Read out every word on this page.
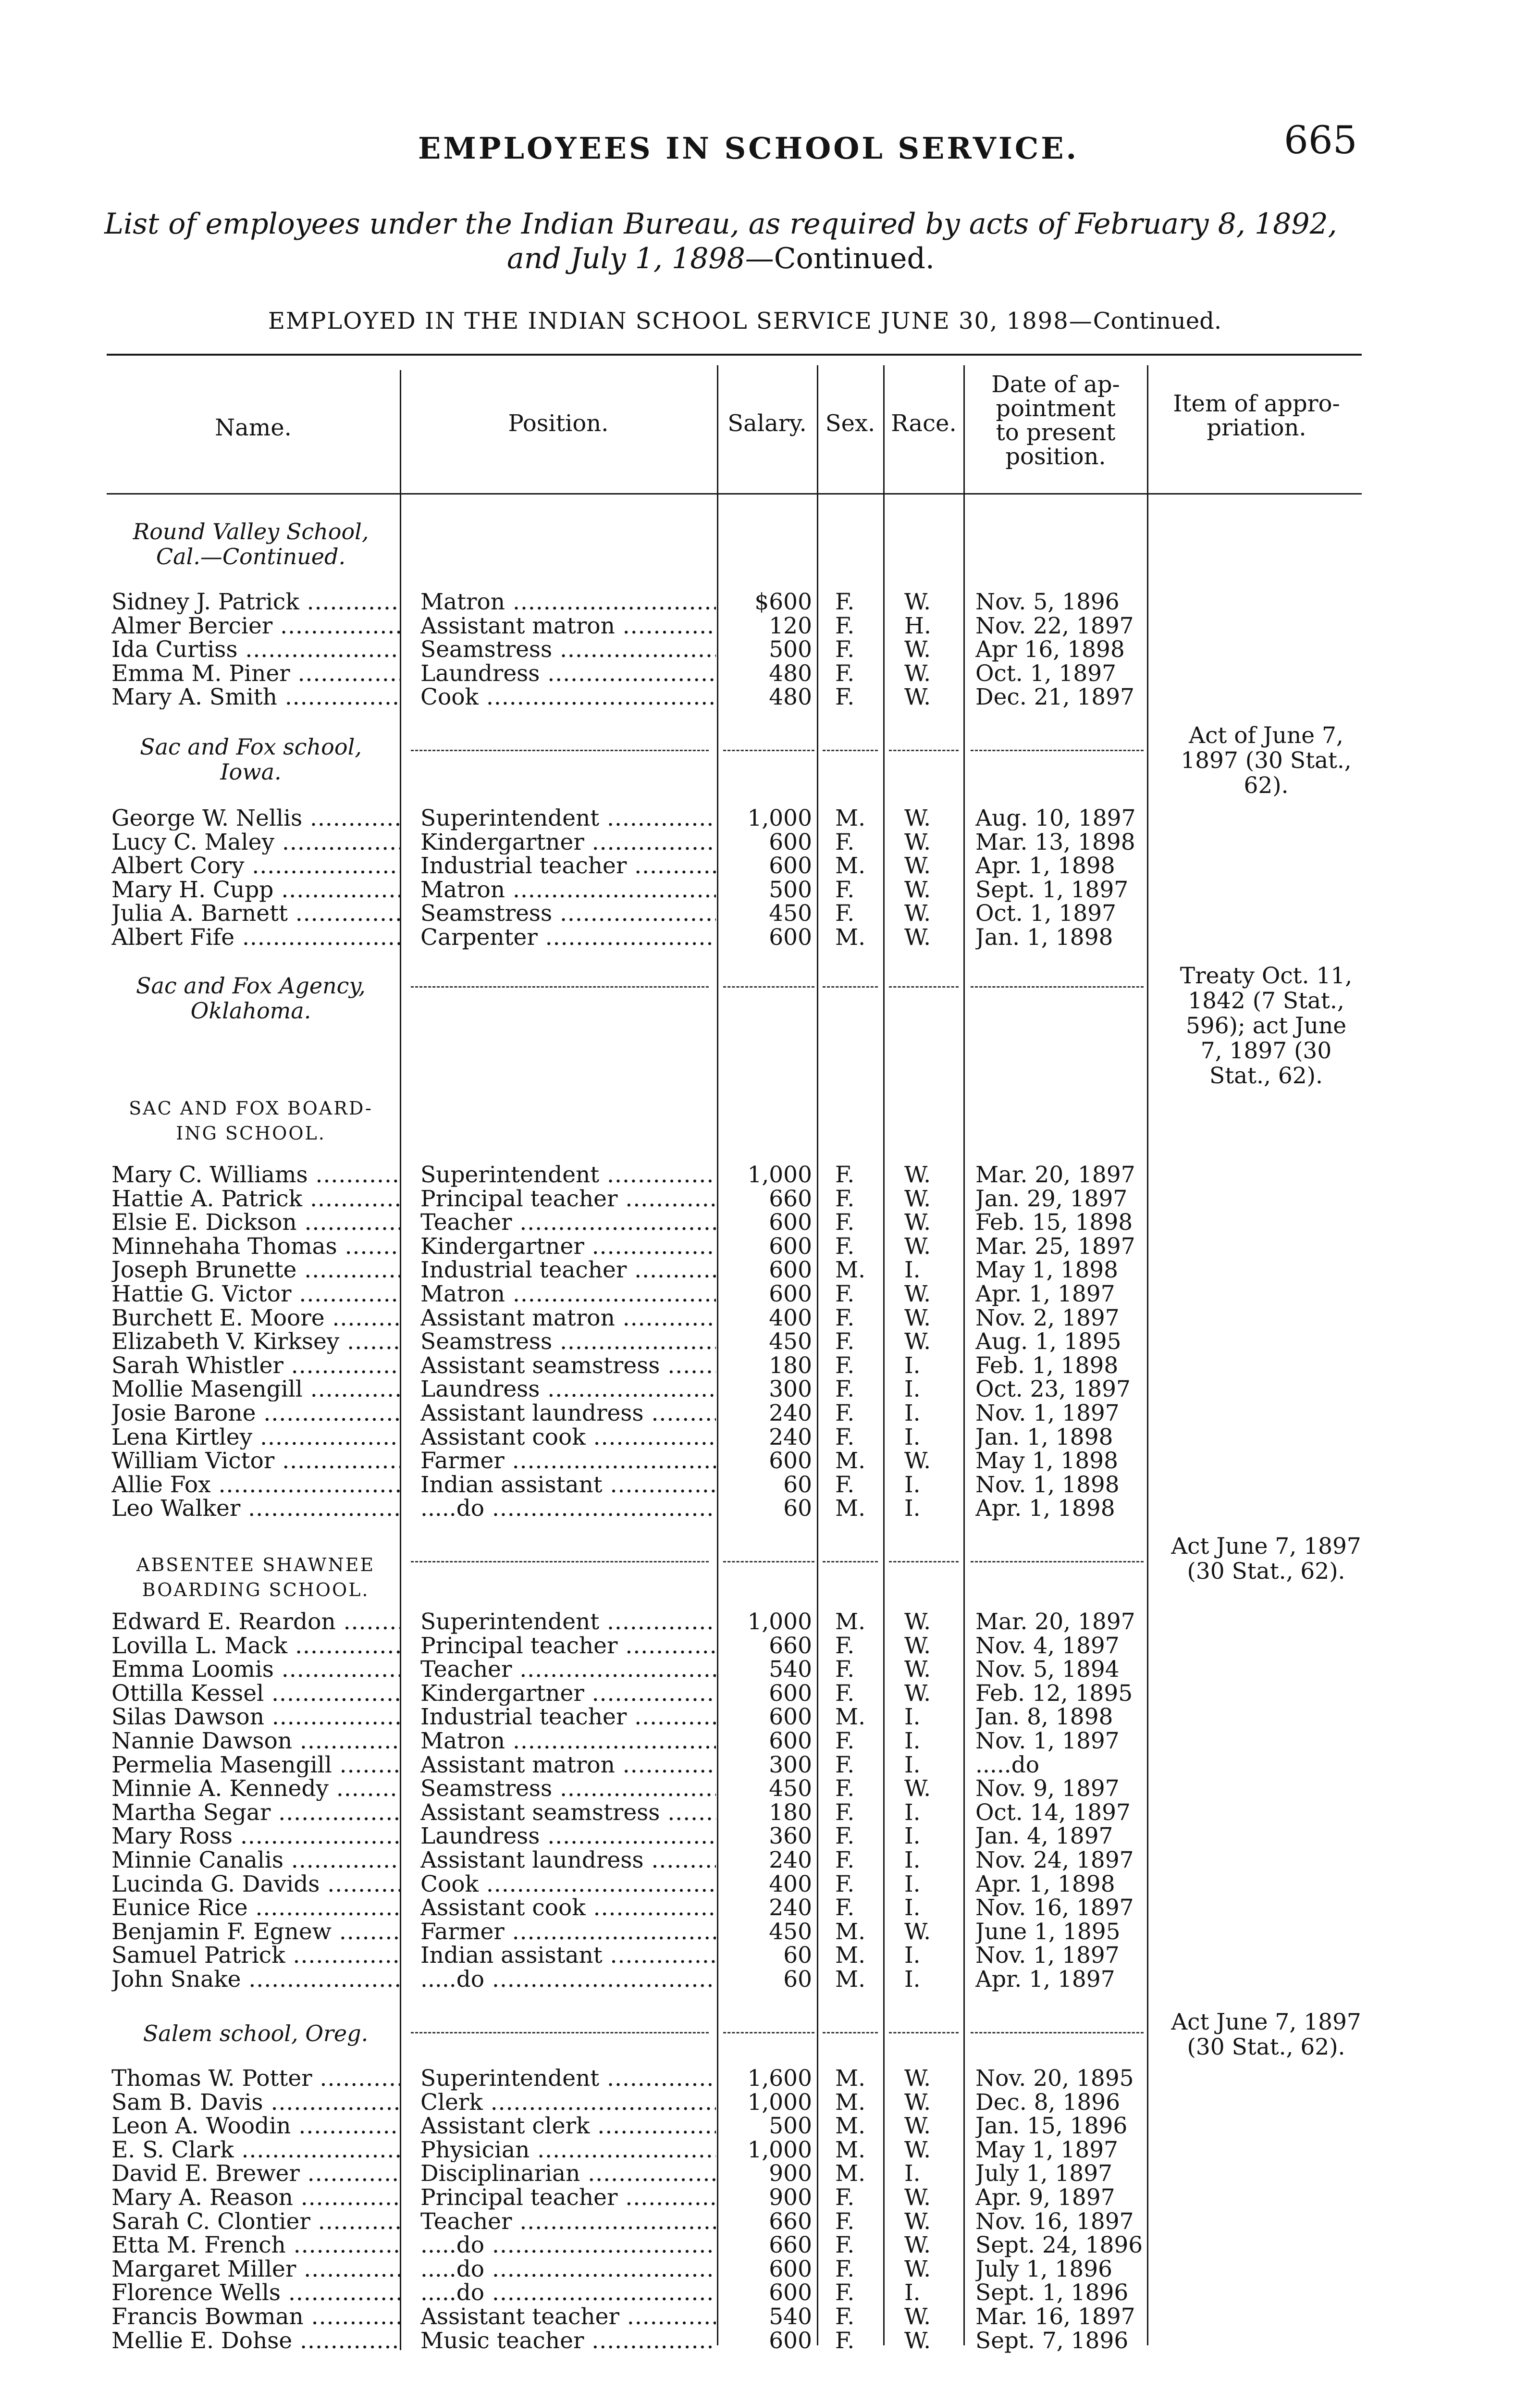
EMPLOYEES IN SCHOOL SERVICE.	665
List of employees under the Indian Bureau, as required by acts of February 8, 1892,
and July 1, 1898—Continued.
EMPLOYED IN THE INDIAN SCHOOL SERVICE JUNE 30, 1898—Continued.
Name.	Position.	Salary. Sex. Race.
Date of ap-
pointment
to present
position.
Item of appro-
priation.
Round Valley School,
Cal.—Continued.
Sidney J. Patrick .....	Matron .....	$600 F.	W.	Nov. 5, 1896
Almer Bercier .....	Assistant matron .....	120 F.	H.	Nov. 22, 1897
Ida Curtiss .....	Seamstress .....	500 F.	W.	Apr 16, 1898
Emma M. Piner .....	Laundress .....	480 F.	W.	Oct. 1, 1897
Mary A. Smith .....	Cook .....	480 F.	W.	Dec. 21, 1897
Sac and Fox school,
Iowa.
Act of June 7,
1897 (30 Stat.,
62).
George W. Nellis .....	Superintendent .....	1,000 M.	W.	Aug. 10, 1897
Lucy C. Maley .....	Kindergartner .....	600 F.	W.	Mar. 13, 1898
Albert Cory .....	Industrial teacher .....	600 M.	W.	Apr. 1, 1898
Mary H. Cupp .....	Matron .....	500 F.	W.	Sept. 1, 1897
Julia A. Barnett .....	Seamstress .....	450 F.	W.	Oct. 1, 1897
Albert Fife .....	Carpenter .....	600 M.	W.	Jan. 1, 1898
Sac and Fox Agency,
Oklahoma.
Treaty Oct. 11,
1842 (7 Stat.,
596); act June
7, 1897 (30
Stat., 62).
SAC AND FOX BOARD-
ING SCHOOL.
Mary C. Williams .....	Superintendent .....	1,000 F.	W.	Mar. 20, 1897
Hattie A. Patrick .....	Principal teacher .....	660 F.	W.	Jan. 29, 1897
Elsie E. Dickson .....	Teacher .....	600 F.	W.	Feb. 15, 1898
Minnehaha Thomas .....	Kindergartner .....	600 F.	W.	Mar. 25, 1897
Joseph Brunette .....	Industrial teacher .....	600 M.	I.	May 1, 1898
Hattie G. Victor .....	Matron .....	600 F.	W.	Apr. 1, 1897
Burchett E. Moore .....	Assistant matron .....	400 F.	W.	Nov. 2, 1897
Elizabeth V. Kirksey .....	Seamstress .....	450 F.	W.	Aug. 1, 1895
Sarah Whistler .....	Assistant seamstress .....	180 F.	I.	Feb. 1, 1898
Mollie Masengill .....	Laundress .....	300 F.	I.	Oct. 23, 1897
Josie Barone .....	Assistant laundress .....	240 F.	I.	Nov. 1, 1897
Lena Kirtley .....	Assistant cook .....	240 F.	I.	Jan. 1, 1898
William Victor .....	Farmer .....	600 M.	W.	May 1, 1898
Allie Fox .....	Indian assistant .....	60 F.	I.	Nov. 1, 1898
Leo Walker .....	.....do .....	60 M.	I.	Apr. 1, 1898
ABSENTEE SHAWNEE
BOARDING SCHOOL.
Act June 7, 1897
(30 Stat., 62).
Edward E. Reardon .....	Superintendent .....	1,000 M.	W.	Mar. 20, 1897
Lovilla L. Mack .....	Principal teacher .....	660 F.	W.	Nov. 4, 1897
Emma Loomis .....	Teacher .....	540 F.	W.	Nov. 5, 1894
Ottilla Kessel .....	Kindergartner .....	600 F.	W.	Feb. 12, 1895
Silas Dawson .....	Industrial teacher .....	600 M.	I.	Jan. 8, 1898
Nannie Dawson .....	Matron .....	600 F.	I.	Nov. 1, 1897
Permelia Masengill .....	Assistant matron .....	300 F.	I.	.....do
Minnie A. Kennedy .....	Seamstress .....	450 F.	W.	Nov. 9, 1897
Martha Segar .....	Assistant seamstress .....	180 F.	I.	Oct. 14, 1897
Mary Ross .....	Laundress .....	360 F.	I.	Jan. 4, 1897
Minnie Canalis .....	Assistant laundress .....	240 F.	I.	Nov. 24, 1897
Lucinda G. Davids .....	Cook .....	400 F.	I.	Apr. 1, 1898
Eunice Rice .....	Assistant cook .....	240 F.	I.	Nov. 16, 1897
Benjamin F. Egnew .....	Farmer .....	450 M.	W.	June 1, 1895
Samuel Patrick .....	Indian assistant .....	60 M.	I.	Nov. 1, 1897
John Snake .....	.....do .....	60 M.	I.	Apr. 1, 1897
Salem school, Oreg.	Act June 7, 1897
(30 Stat., 62).
Thomas W. Potter .....	Superintendent .....	1,600 M.	W.	Nov. 20, 1895
Sam B. Davis .....	Clerk .....	1,000 M.	W.	Dec. 8, 1896
Leon A. Woodin .....	Assistant clerk .....	500 M.	W.	Jan. 15, 1896
E. S. Clark .....	Physician .....	1,000 M.	W.	May 1, 1897
David E. Brewer .....	Disciplinarian .....	900 M.	I.	July 1, 1897
Mary A. Reason .....	Principal teacher .....	900 F.	W.	Apr. 9, 1897
Sarah C. Clontier .....	Teacher .....	660 F.	W.	Nov. 16, 1897
Etta M. French .....	.....do .....	660 F.	W.	Sept. 24, 1896
Margaret Miller .....	.....do .....	600 F.	W.	July 1, 1896
Florence Wells .....	.....do .....	600 F.	I.	Sept. 1, 1896
Francis Bowman .....	Assistant teacher .....	540 F.	W.	Mar. 16, 1897
Mellie E. Dohse .....	Music teacher .....	600 F.	W.	Sept. 7, 1896
